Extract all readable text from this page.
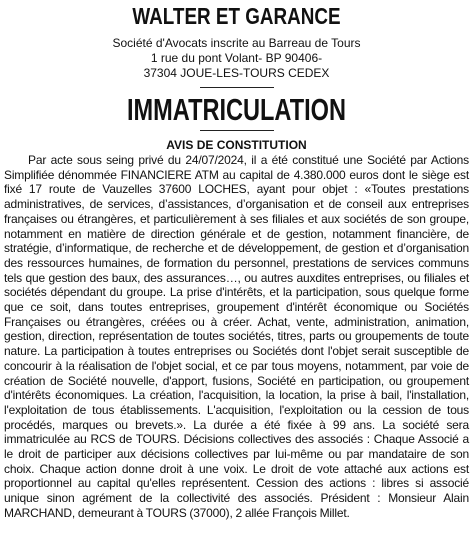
WALTER ET GARANCE
Société d'Avocats inscrite au Barreau de Tours
1 rue du pont Volant- BP 90406-
37304 JOUE-LES-TOURS CEDEX
IMMATRICULATION
AVIS DE CONSTITUTION

Par acte sous seing privé du 24/07/2024, il a été constitué une Société par Actions Simplifiée dénommée FINANCIERE ATM au capital de 4.380.000 euros dont le siège est fixé 17 route de Vauzelles 37600 LOCHES, ayant pour objet : «Toutes prestations administratives, de services, d’assistances, d’organisation et de conseil aux entreprises françaises ou étrangères, et particulièrement à ses filiales et aux sociétés de son groupe, notamment en matière de direction générale et de gestion, notamment financière, de stratégie, d’informatique, de recherche et de développement, de gestion et d’organisation des ressources humaines, de formation du personnel, prestations de services communs tels que gestion des baux, des assurances…, ou autres auxdites entreprises, ou filiales et sociétés dépendant du groupe. La prise d'intérêts, et la participation, sous quelque forme que ce soit, dans toutes entreprises, groupement d'intérêt économique ou Sociétés Françaises ou étrangères, créées ou à créer. Achat, vente, administration, animation, gestion, direction, représentation de toutes sociétés, titres, parts ou groupements de toute nature. La participation à toutes entreprises ou Sociétés dont l'objet serait susceptible de concourir à la réalisation de l'objet social, et ce par tous moyens, notamment, par voie de création de Société nouvelle, d'apport, fusions, Société en participation, ou groupement d'intérêts économiques. La création, l'acquisition, la location, la prise à bail, l'installation, l'exploitation de tous établissements. L'acquisition, l'exploitation ou la cession de tous procédés, marques ou brevets.». La durée a été fixée à 99 ans. La société sera immatriculée au RCS de TOURS. Décisions collectives des associés : Chaque Associé a le droit de participer aux décisions collectives par lui-même ou par mandataire de son choix. Chaque action donne droit à une voix. Le droit de vote attaché aux actions est proportionnel au capital qu'elles représentent. Cession des actions : libres si associé unique sinon agrément de la collectivité des associés. Président : Monsieur Alain MARCHAND, demeurant à TOURS (37000), 2 allée François Millet.
